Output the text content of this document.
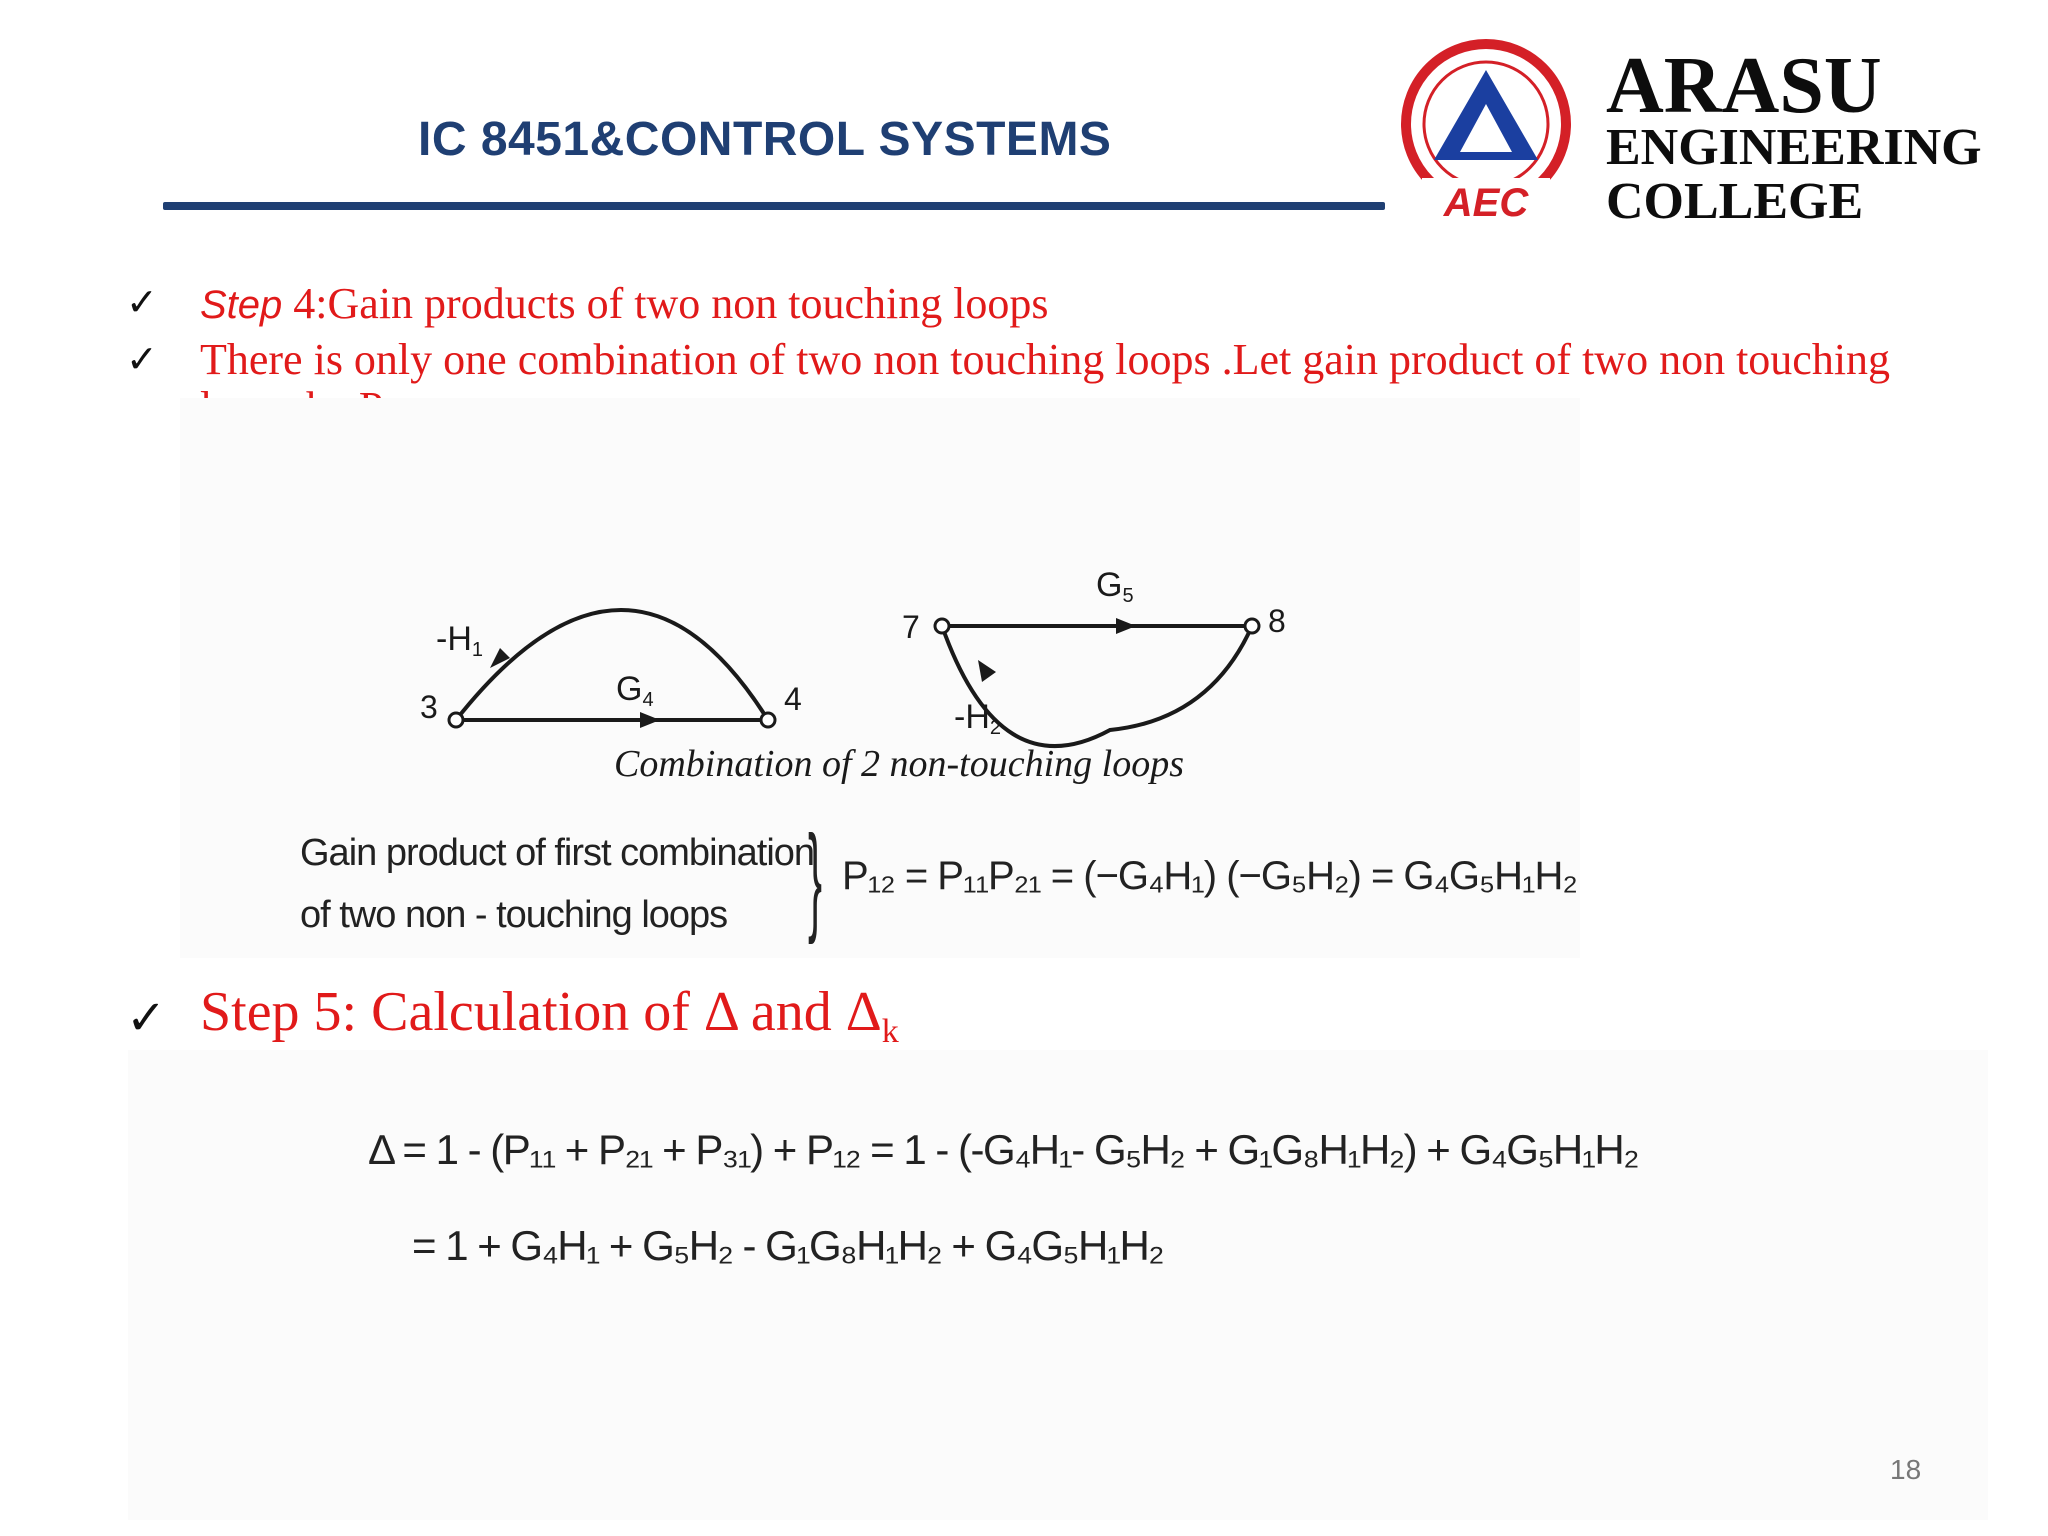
IC 8451&CONTROL SYSTEMS
AEC
ARASU
ENGINEERING
COLLEGE
✓ Step 4:Gain products of two non touching loops
✓ There is only one combination of two non touching loops .Let gain product of two non touching
3	4
G4
-H1
7	8
G5
-H2
Combination of 2 non-touching loops
Gain product of first combination
of two non - touching loops } P₁₂ = P₁₁P₂₁ = (−G₄H₁) (−G₅H₂) = G₄G₅H₁H₂
✓ Step 5: Calculation of Δ and $\Delta_k$
Δ = 1 - (P₁₁ + P₂₁ + P₃₁) + P₁₂ = 1 - (-G₄H₁- G₅H₂ + G₁G₈H₁H₂) + G₄G₅H₁H₂
= 1 + G₄H₁ + G₅H₂ - G₁G₈H₁H₂ + G₄G₅H₁H₂
18
